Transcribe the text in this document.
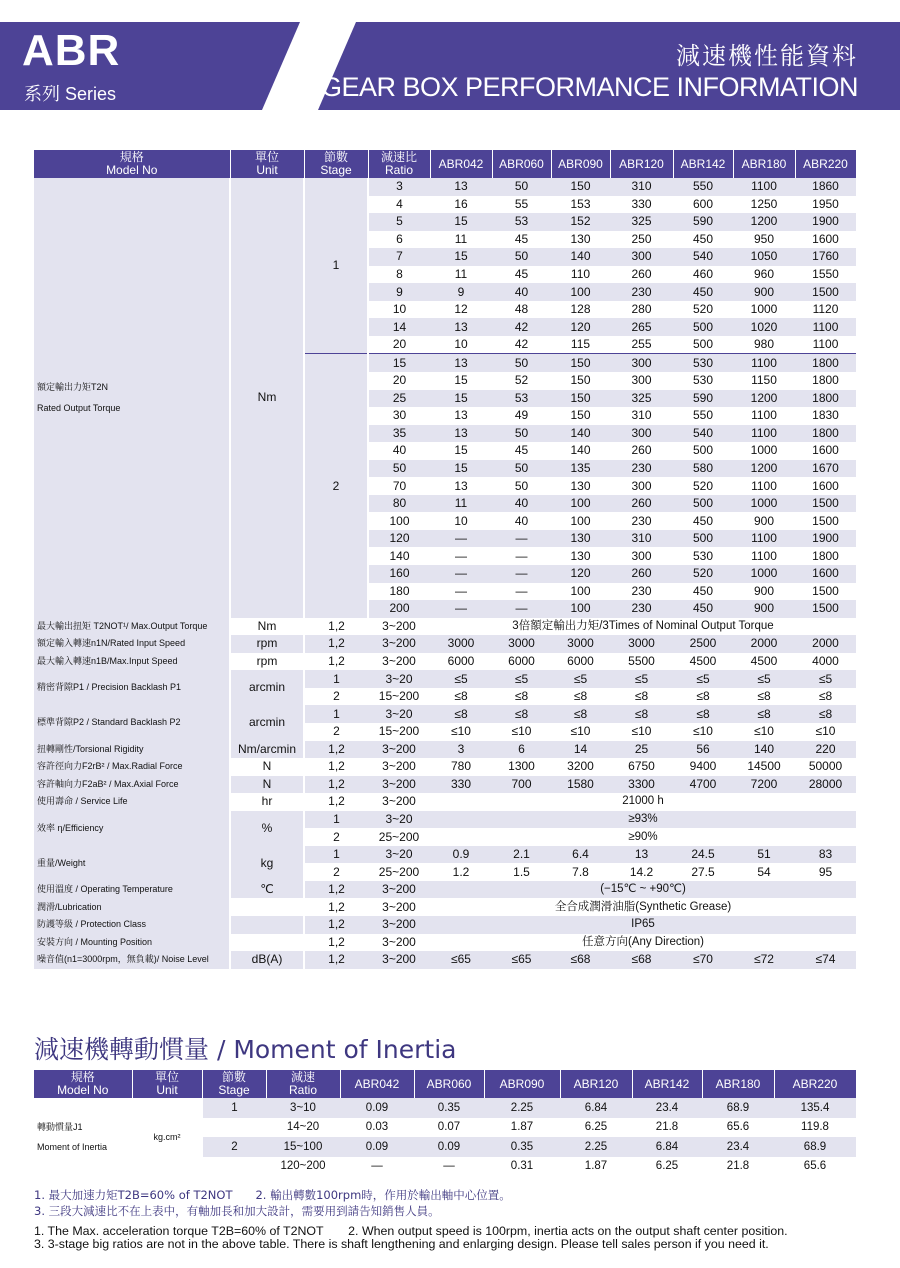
ABR
系列 Series
減速機性能資料
GEAR BOX PERFORMANCE INFORMATION
規格
Model No	單位
Unit	節數
Stage	減速比
Ratio	ABR042	ABR060	ABR090	ABR120	ABR142	ABR180	ABR220

額定輸出力矩T2N
Rated Output Torque	Nm	1	3	13	50	150	310	550	1100	1860
			4	16	55	153	330	600	1250	1950
			5	15	53	152	325	590	1200	1900
			6	11	45	130	250	450	950	1600
			7	15	50	140	300	540	1050	1760
			8	11	45	110	260	460	960	1550
			9	9	40	100	230	450	900	1500
			10	12	48	128	280	520	1000	1120
			14	13	42	120	265	500	1020	1100
			20	10	42	115	255	500	980	1100
		2	15	13	50	150	300	530	1100	1800
			20	15	52	150	300	530	1150	1800
			25	15	53	150	325	590	1200	1800
			30	13	49	150	310	550	1100	1830
			35	13	50	140	300	540	1100	1800
			40	15	45	140	260	500	1000	1600
			50	15	50	135	230	580	1200	1670
			70	13	50	130	300	520	1100	1600
			80	11	40	100	260	500	1000	1500
			100	10	40	100	230	450	900	1500
			120	—	—	130	310	500	1100	1900
			140	—	—	130	300	530	1100	1800
			160	—	—	120	260	520	1000	1600
			180	—	—	100	230	450	900	1500
			200	—	—	100	230	450	900	1500
最大輸出扭矩 T2NOT¹/ Max.Output Torque	Nm	1,2	3~200	3倍額定輸出力矩/3Times of Nominal Output Torque						
額定輸入轉速n1N/Rated Input Speed	rpm	1,2	3~200	3000	3000	3000	3000	2500	2000	2000
最大輸入轉速n1B/Max.Input Speed	rpm	1,2	3~200	6000	6000	6000	5500	4500	4500	4000
精密背隙P1 / Precision Backlash P1	arcmin	1	3~20	≤5	≤5	≤5	≤5	≤5	≤5	≤5
		2	15~200	≤8	≤8	≤8	≤8	≤8	≤8	≤8
標準背隙P2 / Standard Backlash P2	arcmin	1	3~20	≤8	≤8	≤8	≤8	≤8	≤8	≤8
		2	15~200	≤10	≤10	≤10	≤10	≤10	≤10	≤10
扭轉剛性/Torsional Rigidity	Nm/arcmin	1,2	3~200	3	6	14	25	56	140	220
容許徑向力F2rB² / Max.Radial Force	N	1,2	3~200	780	1300	3200	6750	9400	14500	50000
容許軸向力F2aB² / Max.Axial Force	N	1,2	3~200	330	700	1580	3300	4700	7200	28000
使用壽命 / Service Life	hr	1,2	3~200	21000 h						
效率 η/Efficiency	%	1	3~20	≥93%						
		2	25~200	≥90%						
重量/Weight	kg	1	3~20	0.9	2.1	6.4	13	24.5	51	83
		2	25~200	1.2	1.5	7.8	14.2	27.5	54	95
使用溫度 / Operating Temperature	℃	1,2	3~200	(−15℃ ~ +90℃)						
潤滑/Lubrication		1,2	3~200	全合成潤滑油脂(Synthetic Grease)						
防護等級 / Protection Class		1,2	3~200	IP65						
安裝方向 / Mounting Position		1,2	3~200	任意方向(Any Direction)						
噪音值(n1=3000rpm，無負載)/ Noise Level	dB(A)	1,2	3~200	≤65	≤65	≤68	≤68	≤70	≤72	≤74
減速機轉動慣量 / Moment of Inertia
規格
Model No	單位
Unit	節數
Stage	減速
Ratio	ABR042	ABR060	ABR090	ABR120	ABR142	ABR180	ABR220

轉動慣量J1
Moment of Inertia	kg.cm²	1	3~10	0.09	0.35	2.25	6.84	23.4	68.9	135.4
			14~20	0.03	0.07	1.87	6.25	21.8	65.6	119.8
		2	15~100	0.09	0.09	0.35	2.25	6.84	23.4	68.9
			120~200	—	—	0.31	1.87	6.25	21.8	65.6
1. 最大加速力矩T2B=60% of T2NOT　　2. 輸出轉數100rpm時，作用於輸出軸中心位置。
3. 三段大減速比不在上表中，有軸加長和加大設計，需要用到請告知銷售人員。
1. The Max. acceleration torque T2B=60% of T2NOT　　2. When output speed is 100rpm, inertia acts on the output shaft center position.
3. 3-stage big ratios are not in the above table. There is shaft lengthening and enlarging design. Please tell sales person if you need it.
